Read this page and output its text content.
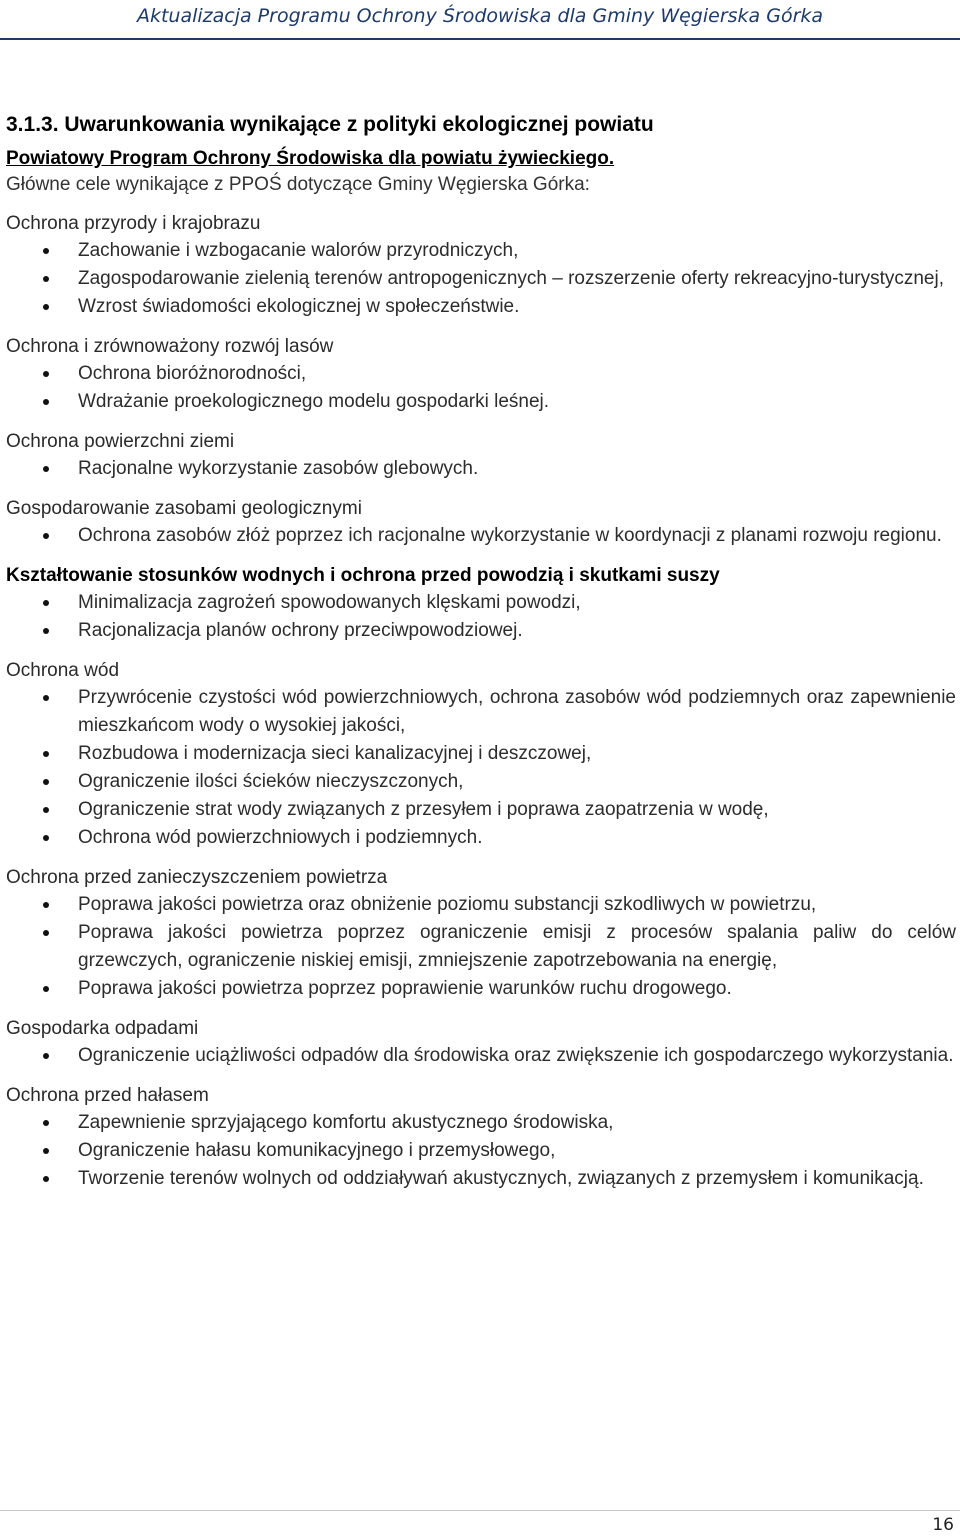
Aktualizacja Programu Ochrony Środowiska dla Gminy Węgierska Górka
3.1.3. Uwarunkowania wynikające z polityki ekologicznej powiatu
Powiatowy Program Ochrony Środowiska dla powiatu żywieckiego.
Główne cele wynikające z PPOŚ dotyczące Gminy Węgierska Górka:
Ochrona przyrody i krajobrazu
Zachowanie i wzbogacanie walorów przyrodniczych,
Zagospodarowanie zielenią terenów antropogenicznych – rozszerzenie oferty rekreacyjno-turystycznej,
Wzrost świadomości ekologicznej w społeczeństwie.
Ochrona i zrównoważony rozwój lasów
Ochrona bioróżnorodności,
Wdrażanie proekologicznego modelu gospodarki leśnej.
Ochrona powierzchni ziemi
Racjonalne wykorzystanie zasobów glebowych.
Gospodarowanie zasobami geologicznymi
Ochrona zasobów złóż poprzez ich racjonalne wykorzystanie w koordynacji z planami rozwoju regionu.
Kształtowanie stosunków wodnych i ochrona przed powodzią i skutkami suszy
Minimalizacja zagrożeń spowodowanych klęskami powodzi,
Racjonalizacja planów ochrony przeciwpowodziowej.
Ochrona wód
Przywrócenie czystości wód powierzchniowych, ochrona zasobów wód podziemnych oraz zapewnienie mieszkańcom wody o wysokiej jakości,
Rozbudowa i modernizacja sieci kanalizacyjnej i deszczowej,
Ograniczenie ilości ścieków nieczyszczonych,
Ograniczenie strat wody związanych z przesyłem i poprawa zaopatrzenia w wodę,
Ochrona wód powierzchniowych i podziemnych.
Ochrona przed zanieczyszczeniem powietrza
Poprawa jakości powietrza oraz obniżenie poziomu substancji szkodliwych w powietrzu,
Poprawa jakości powietrza poprzez ograniczenie emisji z procesów spalania paliw do celów grzewczych, ograniczenie niskiej emisji, zmniejszenie zapotrzebowania na energię,
Poprawa jakości powietrza poprzez poprawienie warunków ruchu drogowego.
Gospodarka odpadami
Ograniczenie uciążliwości odpadów dla środowiska oraz zwiększenie ich gospodarczego wykorzystania.
Ochrona przed hałasem
Zapewnienie sprzyjającego komfortu akustycznego środowiska,
Ograniczenie hałasu komunikacyjnego i przemysłowego,
Tworzenie terenów wolnych od oddziaływań akustycznych, związanych z przemysłem i komunikacją.
16
